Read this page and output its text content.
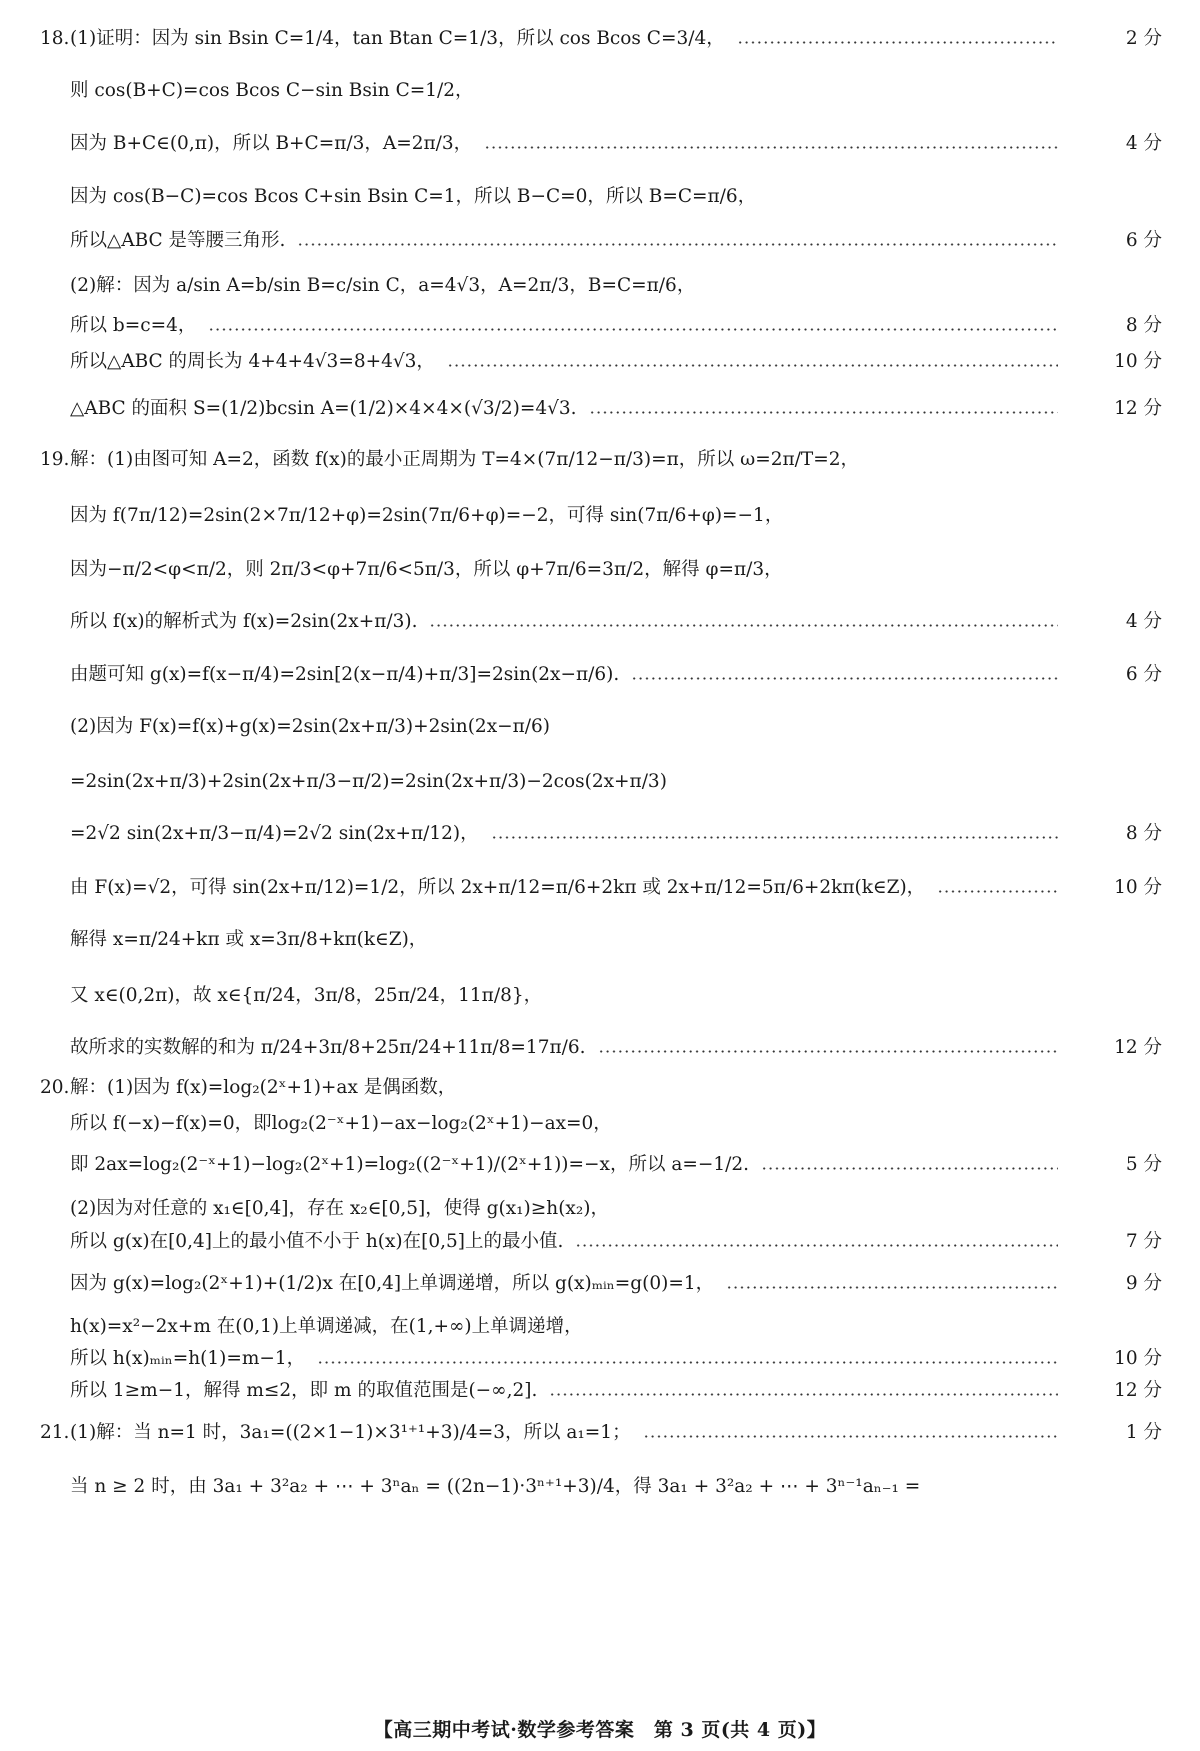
18. (1)证明：因为 sin Bsin C=1/4，tan Btan C=1/3，所以 cos Bcos C=3/4，	2 分
则 cos(B+C)=cos Bcos C−sin Bsin C=1/2，
因为 B+C∈(0,π)，所以 B+C=π/3，A=2π/3，	4 分
因为 cos(B−C)=cos Bcos C+sin Bsin C=1，所以 B−C=0，所以 B=C=π/6，
所以△ABC 是等腰三角形.	6 分
(2)解：因为 a/sin A=b/sin B=c/sin C，a=4√3，A=2π/3，B=C=π/6，
所以 b=c=4，	8 分
所以△ABC 的周长为 4+4+4√3=8+4√3，	10 分
△ABC 的面积 S=(1/2)bcsin A=(1/2)×4×4×(√3/2)=4√3.	12 分
19. 解：(1)由图可知 A=2，函数 f(x)的最小正周期为 T=4×(7π/12−π/3)=π，所以 ω=2π/T=2，
因为 f(7π/12)=2sin(2×7π/12+φ)=2sin(7π/6+φ)=−2，可得 sin(7π/6+φ)=−1，
因为−π/2<φ<π/2，则 2π/3<φ+7π/6<5π/3，所以 φ+7π/6=3π/2，解得 φ=π/3，
所以 f(x)的解析式为 f(x)=2sin(2x+π/3).	4 分
由题可知 g(x)=f(x−π/4)=2sin[2(x−π/4)+π/3]=2sin(2x−π/6).	6 分
(2)因为 F(x)=f(x)+g(x)=2sin(2x+π/3)+2sin(2x−π/6)
=2sin(2x+π/3)+2sin(2x+π/3−π/2)=2sin(2x+π/3)−2cos(2x+π/3)
=2√2 sin(2x+π/3−π/4)=2√2 sin(2x+π/12)，	8 分
由 F(x)=√2，可得 sin(2x+π/12)=1/2，所以 2x+π/12=π/6+2kπ 或 2x+π/12=5π/6+2kπ(k∈Z)，	10 分
解得 x=π/24+kπ 或 x=3π/8+kπ(k∈Z)，
又 x∈(0,2π)，故 x∈{π/24，3π/8，25π/24，11π/8}，
故所求的实数解的和为 π/24+3π/8+25π/24+11π/8=17π/6.	12 分
20. 解：(1)因为 f(x)=log₂(2ˣ+1)+ax 是偶函数，
所以 f(−x)−f(x)=0，即log₂(2⁻ˣ+1)−ax−log₂(2ˣ+1)−ax=0，
即 2ax=log₂(2⁻ˣ+1)−log₂(2ˣ+1)=log₂((2⁻ˣ+1)/(2ˣ+1))=−x，所以 a=−1/2.	5 分
(2)因为对任意的 x₁∈[0,4]，存在 x₂∈[0,5]，使得 g(x₁)≥h(x₂)，
所以 g(x)在[0,4]上的最小值不小于 h(x)在[0,5]上的最小值.	7 分
因为 g(x)=log₂(2ˣ+1)+(1/2)x 在[0,4]上单调递增，所以 g(x)ₘᵢₙ=g(0)=1，	9 分
h(x)=x²−2x+m 在(0,1)上单调递减，在(1,+∞)上单调递增，
所以 h(x)ₘᵢₙ=h(1)=m−1，	10 分
所以 1≥m−1，解得 m≤2，即 m 的取值范围是(−∞,2].	12 分
21. (1)解：当 n=1 时，3a₁=((2×1−1)×3¹⁺¹+3)/4=3，所以 a₁=1；	1 分
当 n ≥ 2 时，由 3a₁ + 3²a₂ + ⋯ + 3ⁿaₙ = ((2n−1)·3ⁿ⁺¹+3)/4，得 3a₁ + 3²a₂ + ⋯ + 3ⁿ⁻¹aₙ₋₁ =
【高三期中考试·数学参考答案　第 3 页(共 4 页)】
